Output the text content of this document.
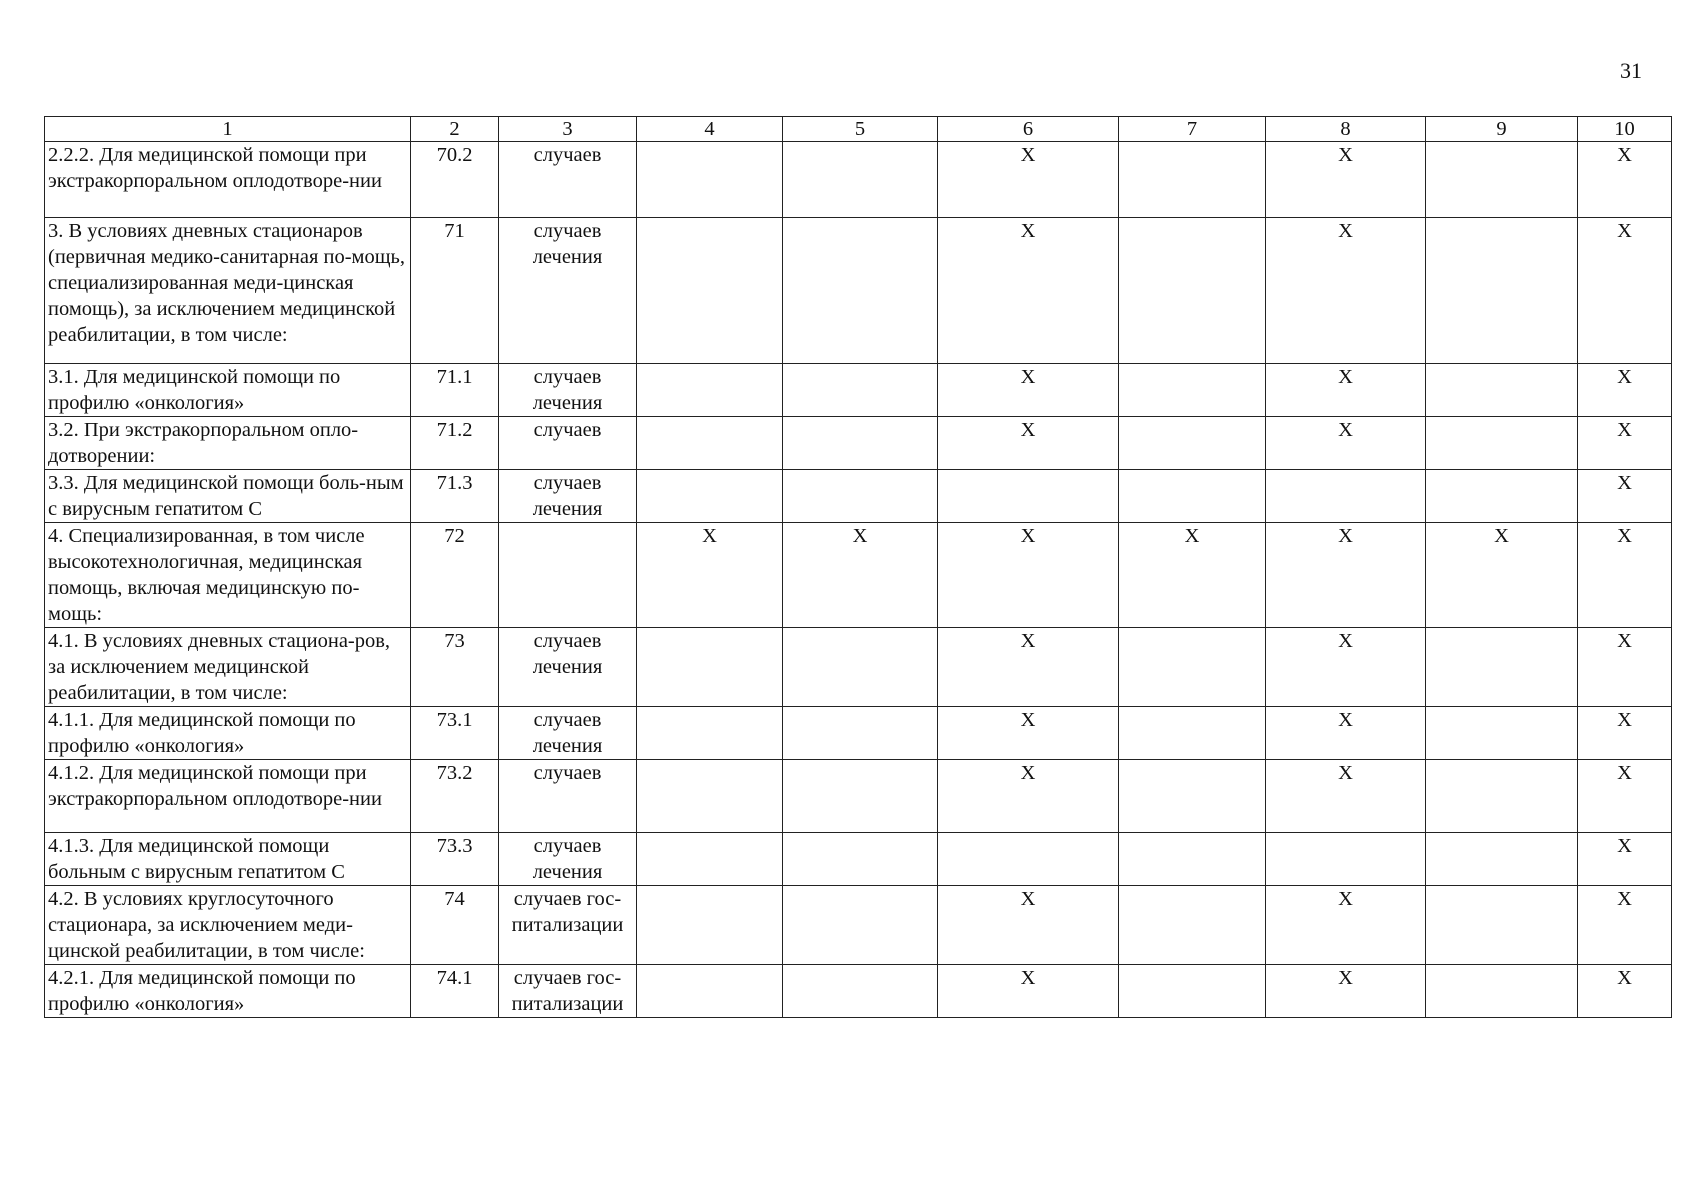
31
1	2	3	4	5	6	7	8	9	10
2.2.2. Для медицинской помощи при экстракорпоральном оплодотворе-нии	70.2	случаев			X		X		X
3. В условиях дневных стационаров (первичная медико-санитарная по-мощь, специализированная меди-цинская помощь), за исключением медицинской реабилитации, в том числе:	71	случаев лечения			X		X		X
3.1. Для медицинской помощи по профилю «онкология»	71.1	случаев лечения			X		X		X
3.2. При экстракорпоральном опло-дотворении:	71.2	случаев			X		X		X
3.3. Для медицинской помощи боль-ным с вирусным гепатитом С	71.3	случаев лечения							X
4. Специализированная, в том числе высокотехнологичная, медицинская помощь, включая медицинскую по-мощь:	72		X	X	X	X	X	X	X
4.1. В условиях дневных стациона-ров, за исключением медицинской реабилитации, в том числе:	73	случаев лечения			X		X		X
4.1.1. Для медицинской помощи по профилю «онкология»	73.1	случаев лечения			X		X		X
4.1.2. Для медицинской помощи при экстракорпоральном оплодотворе-нии	73.2	случаев			X		X		X
4.1.3. Для медицинской помощи больным с вирусным гепатитом С	73.3	случаев лечения							X
4.2. В условиях круглосуточного стационара, за исключением меди-цинской реабилитации, в том числе:	74	случаев гос-питализации			X		X		X
4.2.1. Для медицинской помощи по профилю «онкология»	74.1	случаев гос-питализации			X		X		X
